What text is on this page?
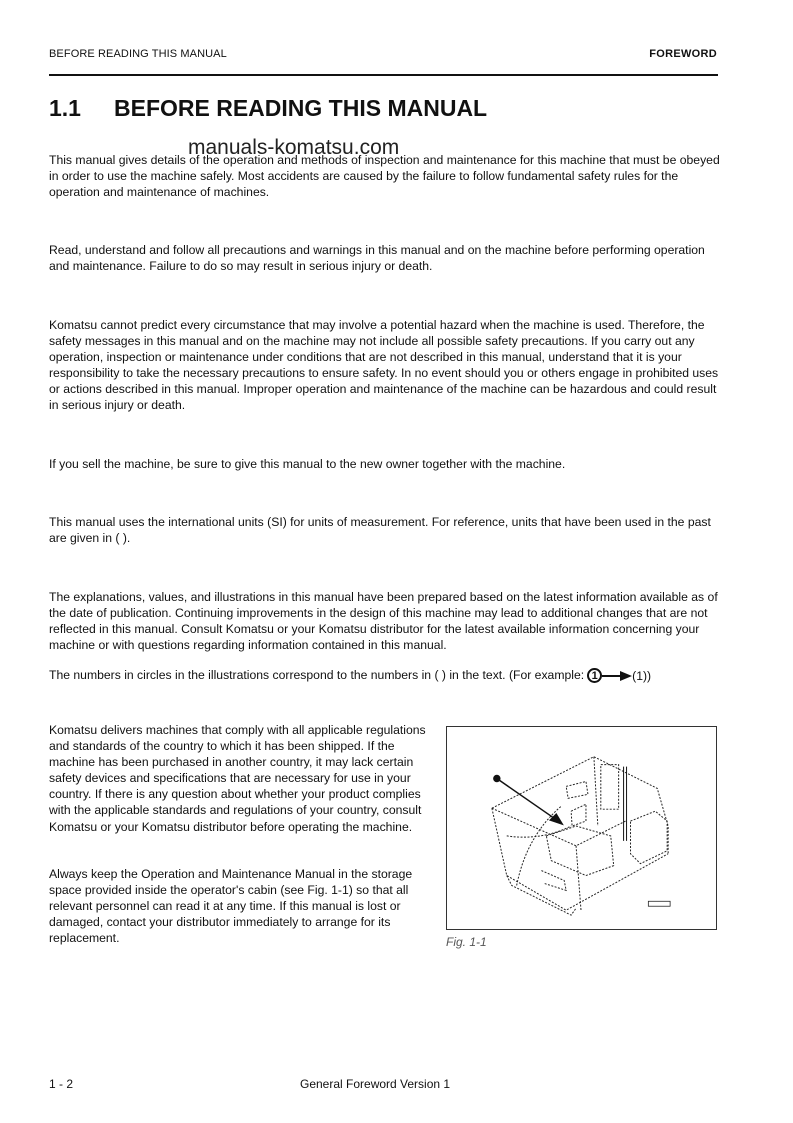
BEFORE READING THIS MANUAL	FOREWORD
1.1 BEFORE READING THIS MANUAL

This manual gives details of the operation and methods of inspection and maintenance for this machine that must be obeyed in order to use the machine safely. Most accidents are caused by the failure to follow fundamental safety rules for the operation and maintenance of machines.

manuals-komatsu.com

Read, understand and follow all precautions and warnings in this manual and on the machine before performing operation and maintenance. Failure to do so may result in serious injury or death.

Komatsu cannot predict every circumstance that may involve a potential hazard when the machine is used. Therefore, the safety messages in this manual and on the machine may not include all possible safety precautions. If you carry out any operation, inspection or maintenance under conditions that are not described in this manual, understand that it is your responsibility to take the necessary precautions to ensure safety. In no event should you or others engage in prohibited uses or actions described in this manual. Improper operation and maintenance of the machine can be hazardous and could result in serious injury or death.

If you sell the machine, be sure to give this manual to the new owner together with the machine.

This manual uses the international units (SI) for units of measurement. For reference, units that have been used in the past are given in ( ).

The explanations, values, and illustrations in this manual have been prepared based on the latest information available as of the date of publication. Continuing improvements in the design of this machine may lead to additional changes that are not reflected in this manual. Consult Komatsu or your Komatsu distributor for the latest available information concerning your machine or with questions regarding information contained in this manual.

The numbers in circles in the illustrations correspond to the numbers in ( ) in the text. (For example: 1	(1))

Komatsu delivers machines that comply with all applicable regulations and standards of the country to which it has been shipped. If the machine has been purchased in another country, it may lack certain safety devices and specifications that are necessary for use in your country. If there is any question about whether your product complies with the applicable standards and regulations of your country, consult Komatsu or your Komatsu distributor before operating the machine.

Always keep the Operation and Maintenance Manual in the storage space provided inside the operator's cabin (see Fig. 1-1) so that all relevant personnel can read it at any time. If this manual is lost or damaged, contact your distributor immediately to arrange for its replacement.	Fig. 1-1
1 - 2	General Foreword Version 1
